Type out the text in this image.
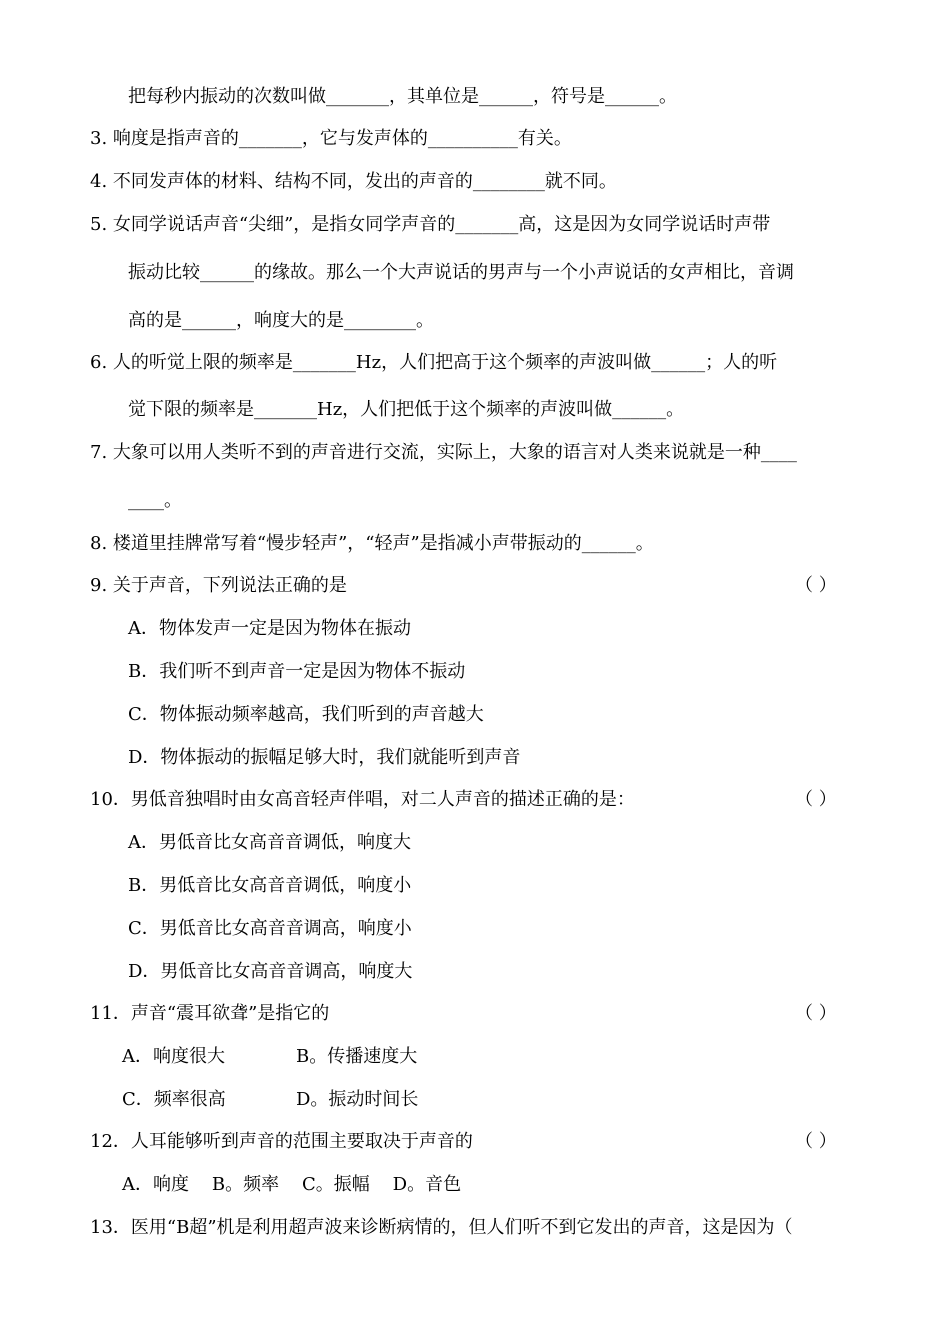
把每秒内振动的次数叫做_______，其单位是______，符号是______。
3. 响度是指声音的_______，它与发声体的__________有关。
4. 不同发声体的材料、结构不同，发出的声音的________就不同。
5. 女同学说话声音“尖细”，是指女同学声音的_______高，这是因为女同学说话时声带
振动比较______的缘故。那么一个大声说话的男声与一个小声说话的女声相比，音调
高的是______，响度大的是________。
6. 人的听觉上限的频率是_______Hz，人们把高于这个频率的声波叫做______；人的听
觉下限的频率是_______Hz，人们把低于这个频率的声波叫做______。
7. 大象可以用人类听不到的声音进行交流，实际上，大象的语言对人类来说就是一种____
____。
8. 楼道里挂牌常写着“慢步轻声”，“轻声”是指减小声带振动的______。
9. 关于声音，下列说法正确的是	（ ）
A．物体发声一定是因为物体在振动
B．我们听不到声音一定是因为物体不振动
C．物体振动频率越高，我们听到的声音越大
D．物体振动的振幅足够大时，我们就能听到声音
10．男低音独唱时由女高音轻声伴唱，对二人声音的描述正确的是：	（ ）
A．男低音比女高音音调低，响度大
B．男低音比女高音音调低，响度小
C．男低音比女高音音调高，响度小
D．男低音比女高音音调高，响度大
11．声音“震耳欲聋”是指它的	（ ）
A．响度很大	B。传播速度大
C．频率很高	D。振动时间长
12．人耳能够听到声音的范围主要取决于声音的	（ ）
A．响度    B。频率    C。振幅    D。音色
13．医用“B超”机是利用超声波来诊断病情的，但人们听不到它发出的声音，这是因为（
